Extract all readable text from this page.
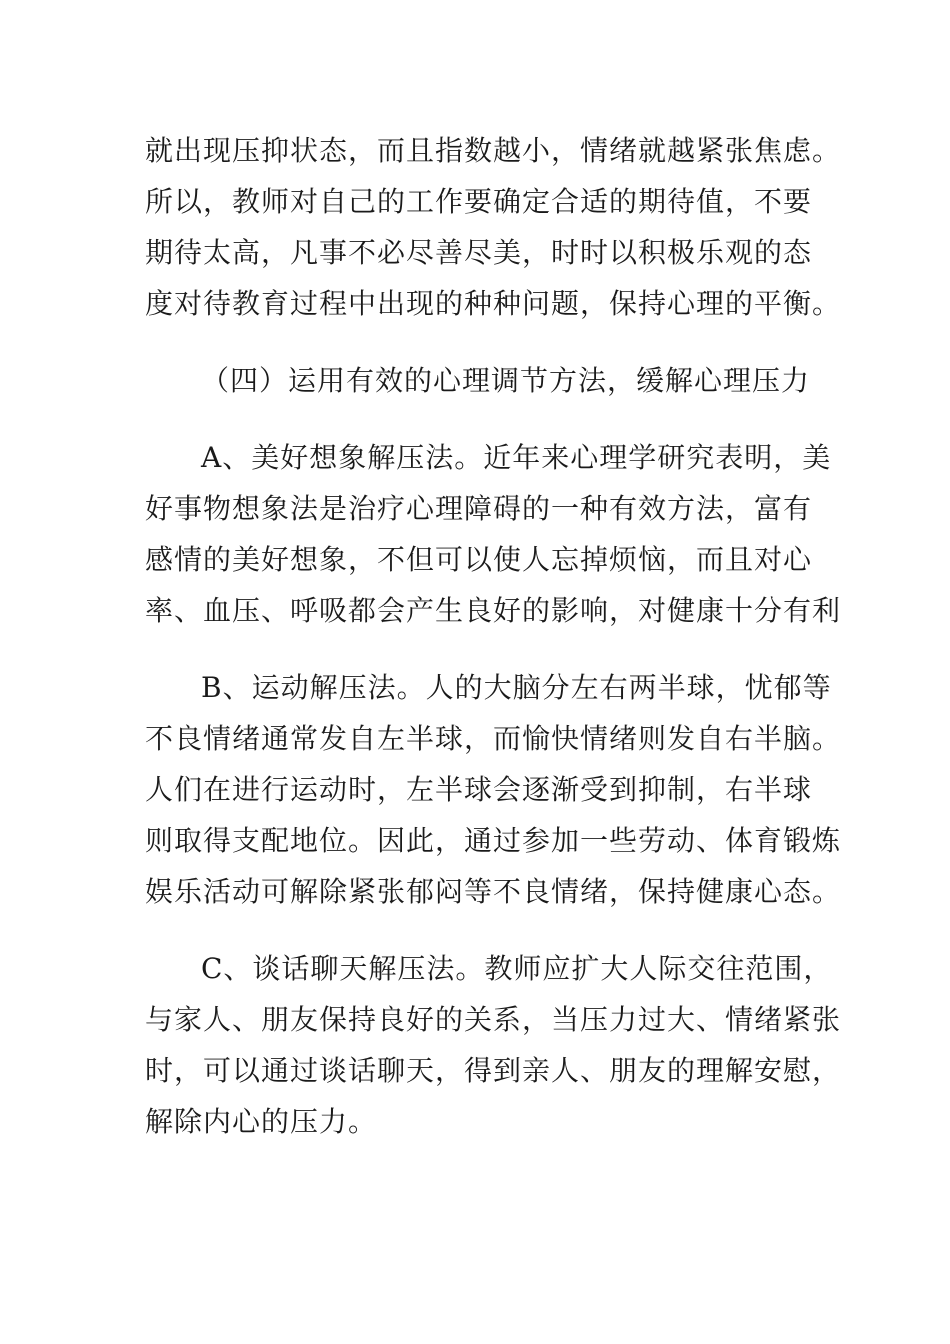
就出现压抑状态，而且指数越小，情绪就越紧张焦虑。
所以，教师对自己的工作要确定合适的期待值，不要
期待太高，凡事不必尽善尽美，时时以积极乐观的态
度对待教育过程中出现的种种问题，保持心理的平衡。

（四）运用有效的心理调节方法，缓解心理压力

A、美好想象解压法。近年来心理学研究表明，美
好事物想象法是治疗心理障碍的一种有效方法，富有
感情的美好想象，不但可以使人忘掉烦恼，而且对心
率、血压、呼吸都会产生良好的影响，对健康十分有利

B、运动解压法。人的大脑分左右两半球，忧郁等
不良情绪通常发自左半球，而愉快情绪则发自右半脑。
人们在进行运动时，左半球会逐渐受到抑制，右半球
则取得支配地位。因此，通过参加一些劳动、体育锻炼
娱乐活动可解除紧张郁闷等不良情绪，保持健康心态。

C、谈话聊天解压法。教师应扩大人际交往范围，
与家人、朋友保持良好的关系，当压力过大、情绪紧张
时，可以通过谈话聊天，得到亲人、朋友的理解安慰，
解除内心的压力。
